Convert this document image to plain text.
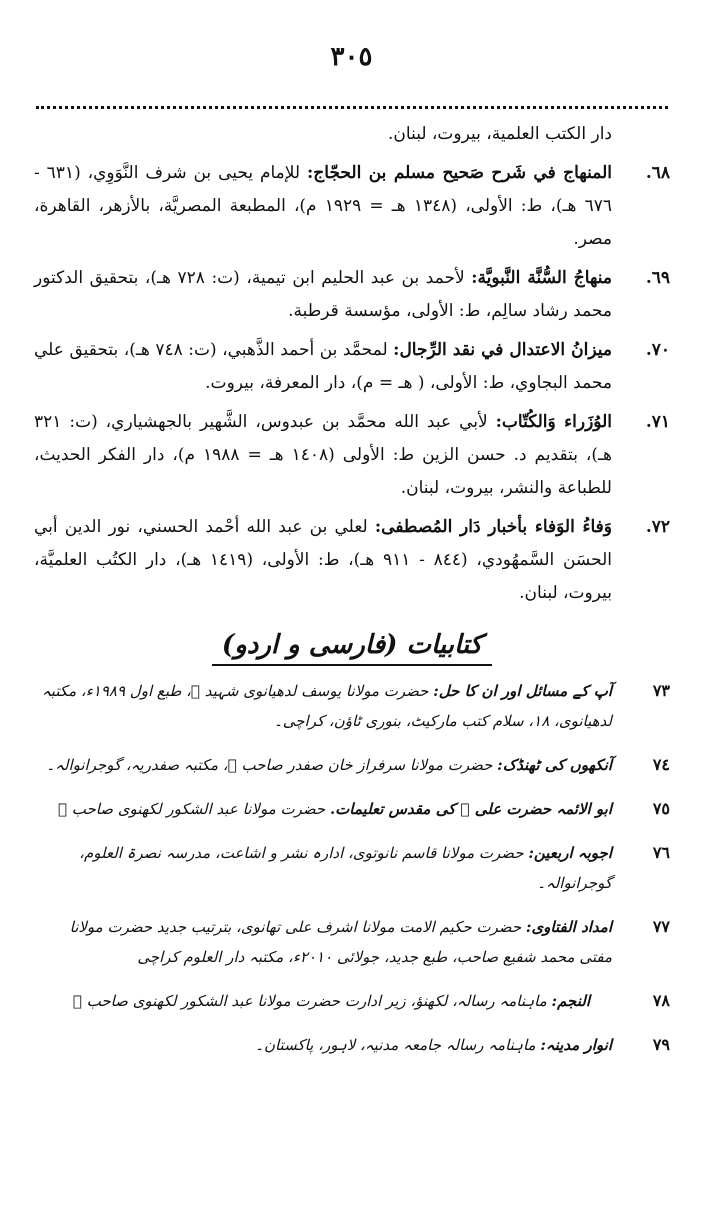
٣٠٥
دار الكتب العلمية، بيروت، لبنان.
٦٨.
المنهاج في شَرح صَحيح مسلم بن الحجّاج: للإمام يحيى بن شرف النَّوَوِي، (٦٣١ - ٦٧٦ هـ)، ط: الأولى، (١٣٤٨ هـ = ١٩٢٩ م)، المطبعة المصريَّة، بالأزهر، القاهرة، مصر.
٦٩.
منهاجُ السُّنَّة النَّبويَّة: لأحمد بن عبد الحليم ابن تيمية، (ت: ٧٢٨ هـ)، بتحقيق الدكتور محمد رشاد سالِم، ط: الأولى، مؤسسة قرطبة.
٧٠.
ميزانُ الاعتدال في نقد الرِّجال: لمحمَّد بن أحمد الذَّهبي، (ت: ٧٤٨ هـ)، بتحقيق علي محمد البجاوي، ط: الأولى، ( هـ = م)، دار المعرفة، بيروت.
٧١.
الوُزَراء وَالكُتّاب: لأبي عبد الله محمَّد بن عبدوس، الشَّهير بالجهشياري، (ت: ٣٢١ هـ)، بتقديم د. حسن الزين ط: الأولى (١٤٠٨ هـ = ١٩٨٨ م)، دار الفكر الحديث، للطباعة والنشر، بيروت، لبنان.
٧٢.
وَفاءُ الوَفاء بأخبار دَار المُصطفى: لعلي بن عبد الله أحْمد الحسني، نور الدين أبي الحسَن السَّمهُودي، (٨٤٤ - ٩١١ هـ)، ط: الأولى، (١٤١٩ هـ)، دار الكتُب العلميَّة، بيروت، لبنان.
کتابیات (فارسی و اردو)
٧٣
آپ کے مسائل اور ان کا حل: حضرت مولانا یوسف لدھیانوی شہید ﷫، طبع اول ١٩٨٩ء، مکتبہ لدھیانوی، ١٨، سلام کتب مارکیٹ، بنوری ٹاؤن، کراچی۔
٧٤
آنکھوں کی ٹھنڈک: حضرت مولانا سرفراز خان صفدر صاحب ﷫، مکتبہ صفدریہ، گوجرانوالہ۔
٧٥
ابو الائمہ حضرت علی ﷜ کی مقدس تعلیمات. حضرت مولانا عبد الشکور لکھنوی صاحب ﷫
٧٦
اجوبہ اربعین: حضرت مولانا قاسم نانوتوی، ادارہ نشر و اشاعت، مدرسہ نصرۃ العلوم، گوجرانوالہ۔
٧٧
امداد الفتاوی: حضرت حکیم الامت مولانا اشرف علی تھانوی، بترتیب جدید حضرت مولانا مفتی محمد شفیع صاحب، طبع جدید، جولائی ٢٠١٠ء، مکتبہ دار العلوم کراچی
٧٨
النجم: ماہنامہ رسالہ، لکھنؤ، زیر ادارت حضرت مولانا عبد الشکور لکھنوی صاحب ﷫
٧٩
انوار مدینہ: ماہنامہ رسالہ جامعہ مدنیہ، لاہور، پاکستان۔
